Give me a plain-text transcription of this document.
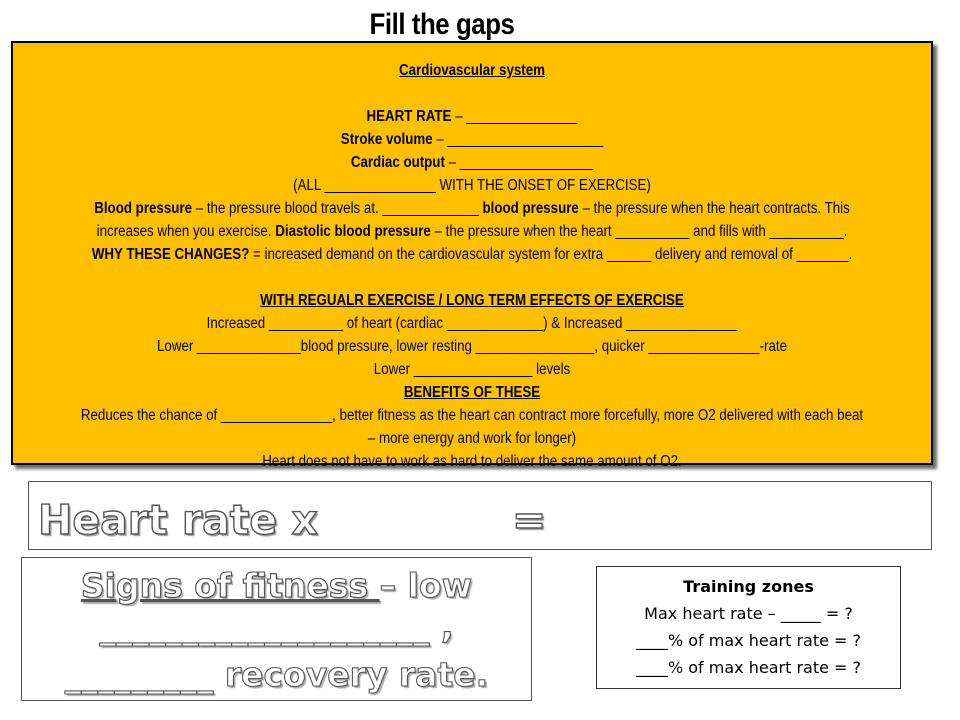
Fill the gaps
Cardiovascular system
HEART RATE – _______________
Stroke volume – _____________________
Cardiac output – __________________
(ALL _______________ WITH THE ONSET OF EXERCISE)
Blood pressure – the pressure blood travels at. _____________ blood pressure – the pressure when the heart contracts. This
increases when you exercise. Diastolic blood pressure – the pressure when the heart __________ and fills with __________.
WHY THESE CHANGES? = increased demand on the cardiovascular system for extra ______ delivery and removal of _______.
WITH REGUALR EXERCISE / LONG TERM EFFECTS OF EXERCISE
Increased __________ of heart (cardiac _____________) & Increased _______________
Lower ______________blood pressure, lower resting ________________, quicker _______________-rate
Lower ________________ levels
BENEFITS OF THESE
Reduces the chance of _______________, better fitness as the heart can contract more forcefully, more O2 delivered with each beat
– more energy and work for longer)
Heart does not have to work as hard to deliver the same amount of O2.
Heart rate x	=
Signs of fitness – low
____________________ ,
_________ recovery rate.
Training zones
Max heart rate – _____ = ?
____% of max heart rate = ?
____% of max heart rate = ?
